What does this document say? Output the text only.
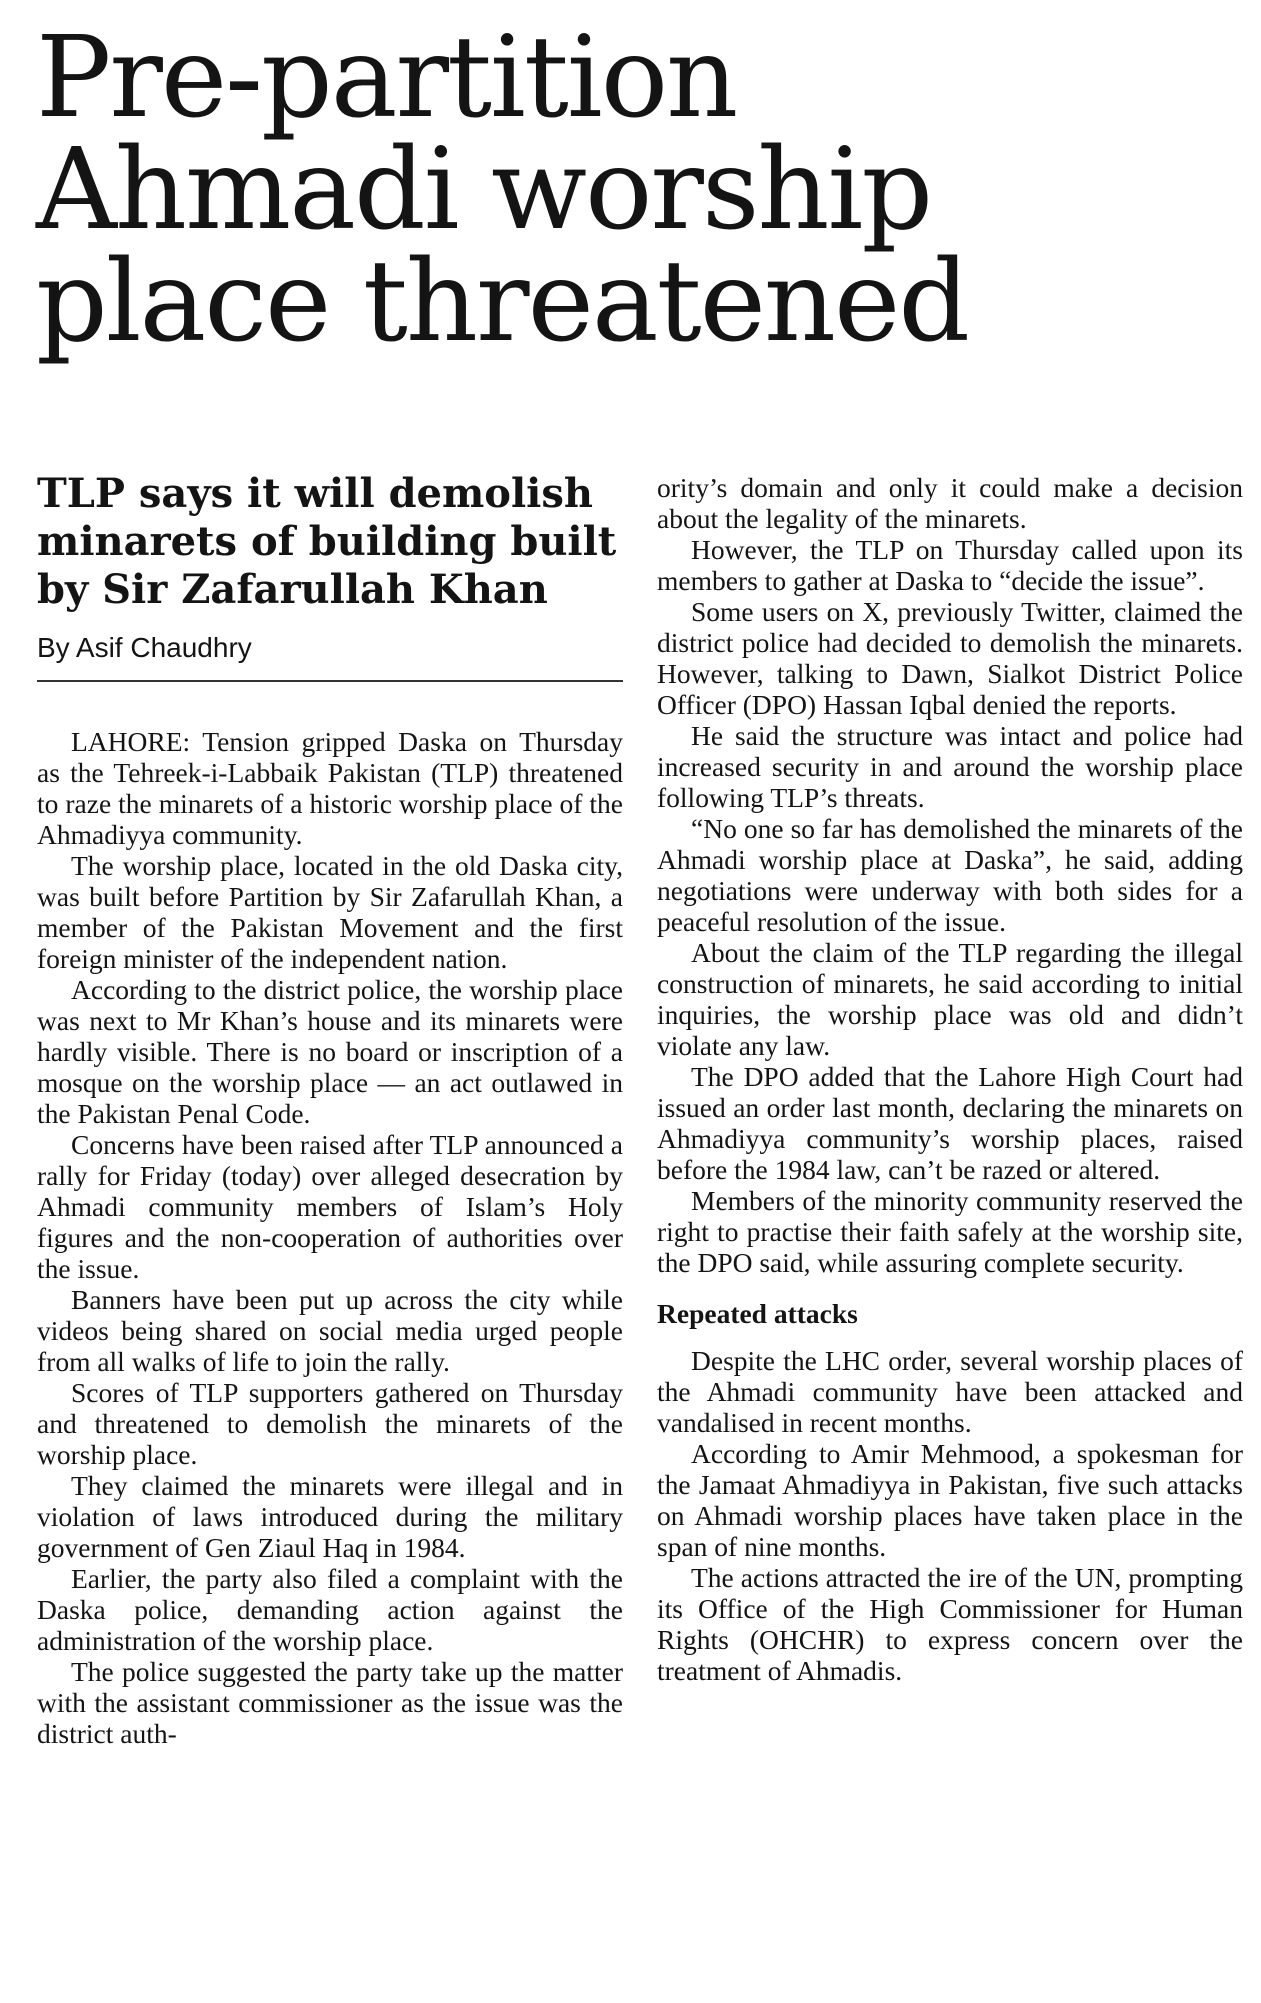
Pre-partition
Ahmadi worship
place threatened
TLP says it will demolish minarets of building built by Sir Zafarullah Khan
By Asif Chaudhry

LAHORE: Tension gripped Daska on Thursday as the Tehreek-i-Labbaik Pakistan (TLP) threatened to raze the minarets of a historic worship place of the Ahmadiyya community.

The worship place, located in the old Daska city, was built before Partition by Sir Zafarullah Khan, a member of the Pakistan Movement and the first foreign minister of the independent nation.

According to the district police, the worship place was next to Mr Khan’s house and its minarets were hardly visible. There is no board or inscription of a mosque on the worship place — an act outlawed in the Pakistan Penal Code.

Concerns have been raised after TLP announced a rally for Friday (today) over alleged desecration by Ahmadi community members of Islam’s Holy figures and the non-cooperation of authorities over the issue.

Banners have been put up across the city while videos being shared on social media urged people from all walks of life to join the rally.

Scores of TLP supporters gathered on Thursday and threatened to demolish the minarets of the worship place.

They claimed the minarets were illegal and in violation of laws introduced during the military government of Gen Ziaul Haq in 1984.

Earlier, the party also filed a complaint with the Daska police, demanding action against the administration of the worship place.

The police suggested the party take up the matter with the assistant commissioner as the issue was the district auth-

ority’s domain and only it could make a decision about the legality of the minarets.

However, the TLP on Thursday called upon its members to gather at Daska to “decide the issue”.

Some users on X, previously Twitter, claimed the district police had decided to demolish the minarets. However, talking to Dawn, Sialkot District Police Officer (DPO) Hassan Iqbal denied the reports.

He said the structure was intact and police had increased security in and around the worship place following TLP’s threats.

“No one so far has demolished the minarets of the Ahmadi worship place at Daska”, he said, adding negotiations were underway with both sides for a peaceful resolution of the issue.

About the claim of the TLP regarding the illegal construction of minarets, he said according to initial inquiries, the worship place was old and didn’t violate any law.

The DPO added that the Lahore High Court had issued an order last month, declaring the minarets on Ahmadiyya community’s worship places, raised before the 1984 law, can’t be razed or altered.

Members of the minority community reserved the right to practise their faith safely at the worship site, the DPO said, while assuring complete security.

Repeated attacks

Despite the LHC order, several worship places of the Ahmadi community have been attacked and vandalised in recent months.

According to Amir Mehmood, a spokesman for the Jamaat Ahmadiyya in Pakistan, five such attacks on Ahmadi worship places have taken place in the span of nine months.

The actions attracted the ire of the UN, prompting its Office of the High Commissioner for Human Rights (OHCHR) to express concern over the treatment of Ahmadis.
